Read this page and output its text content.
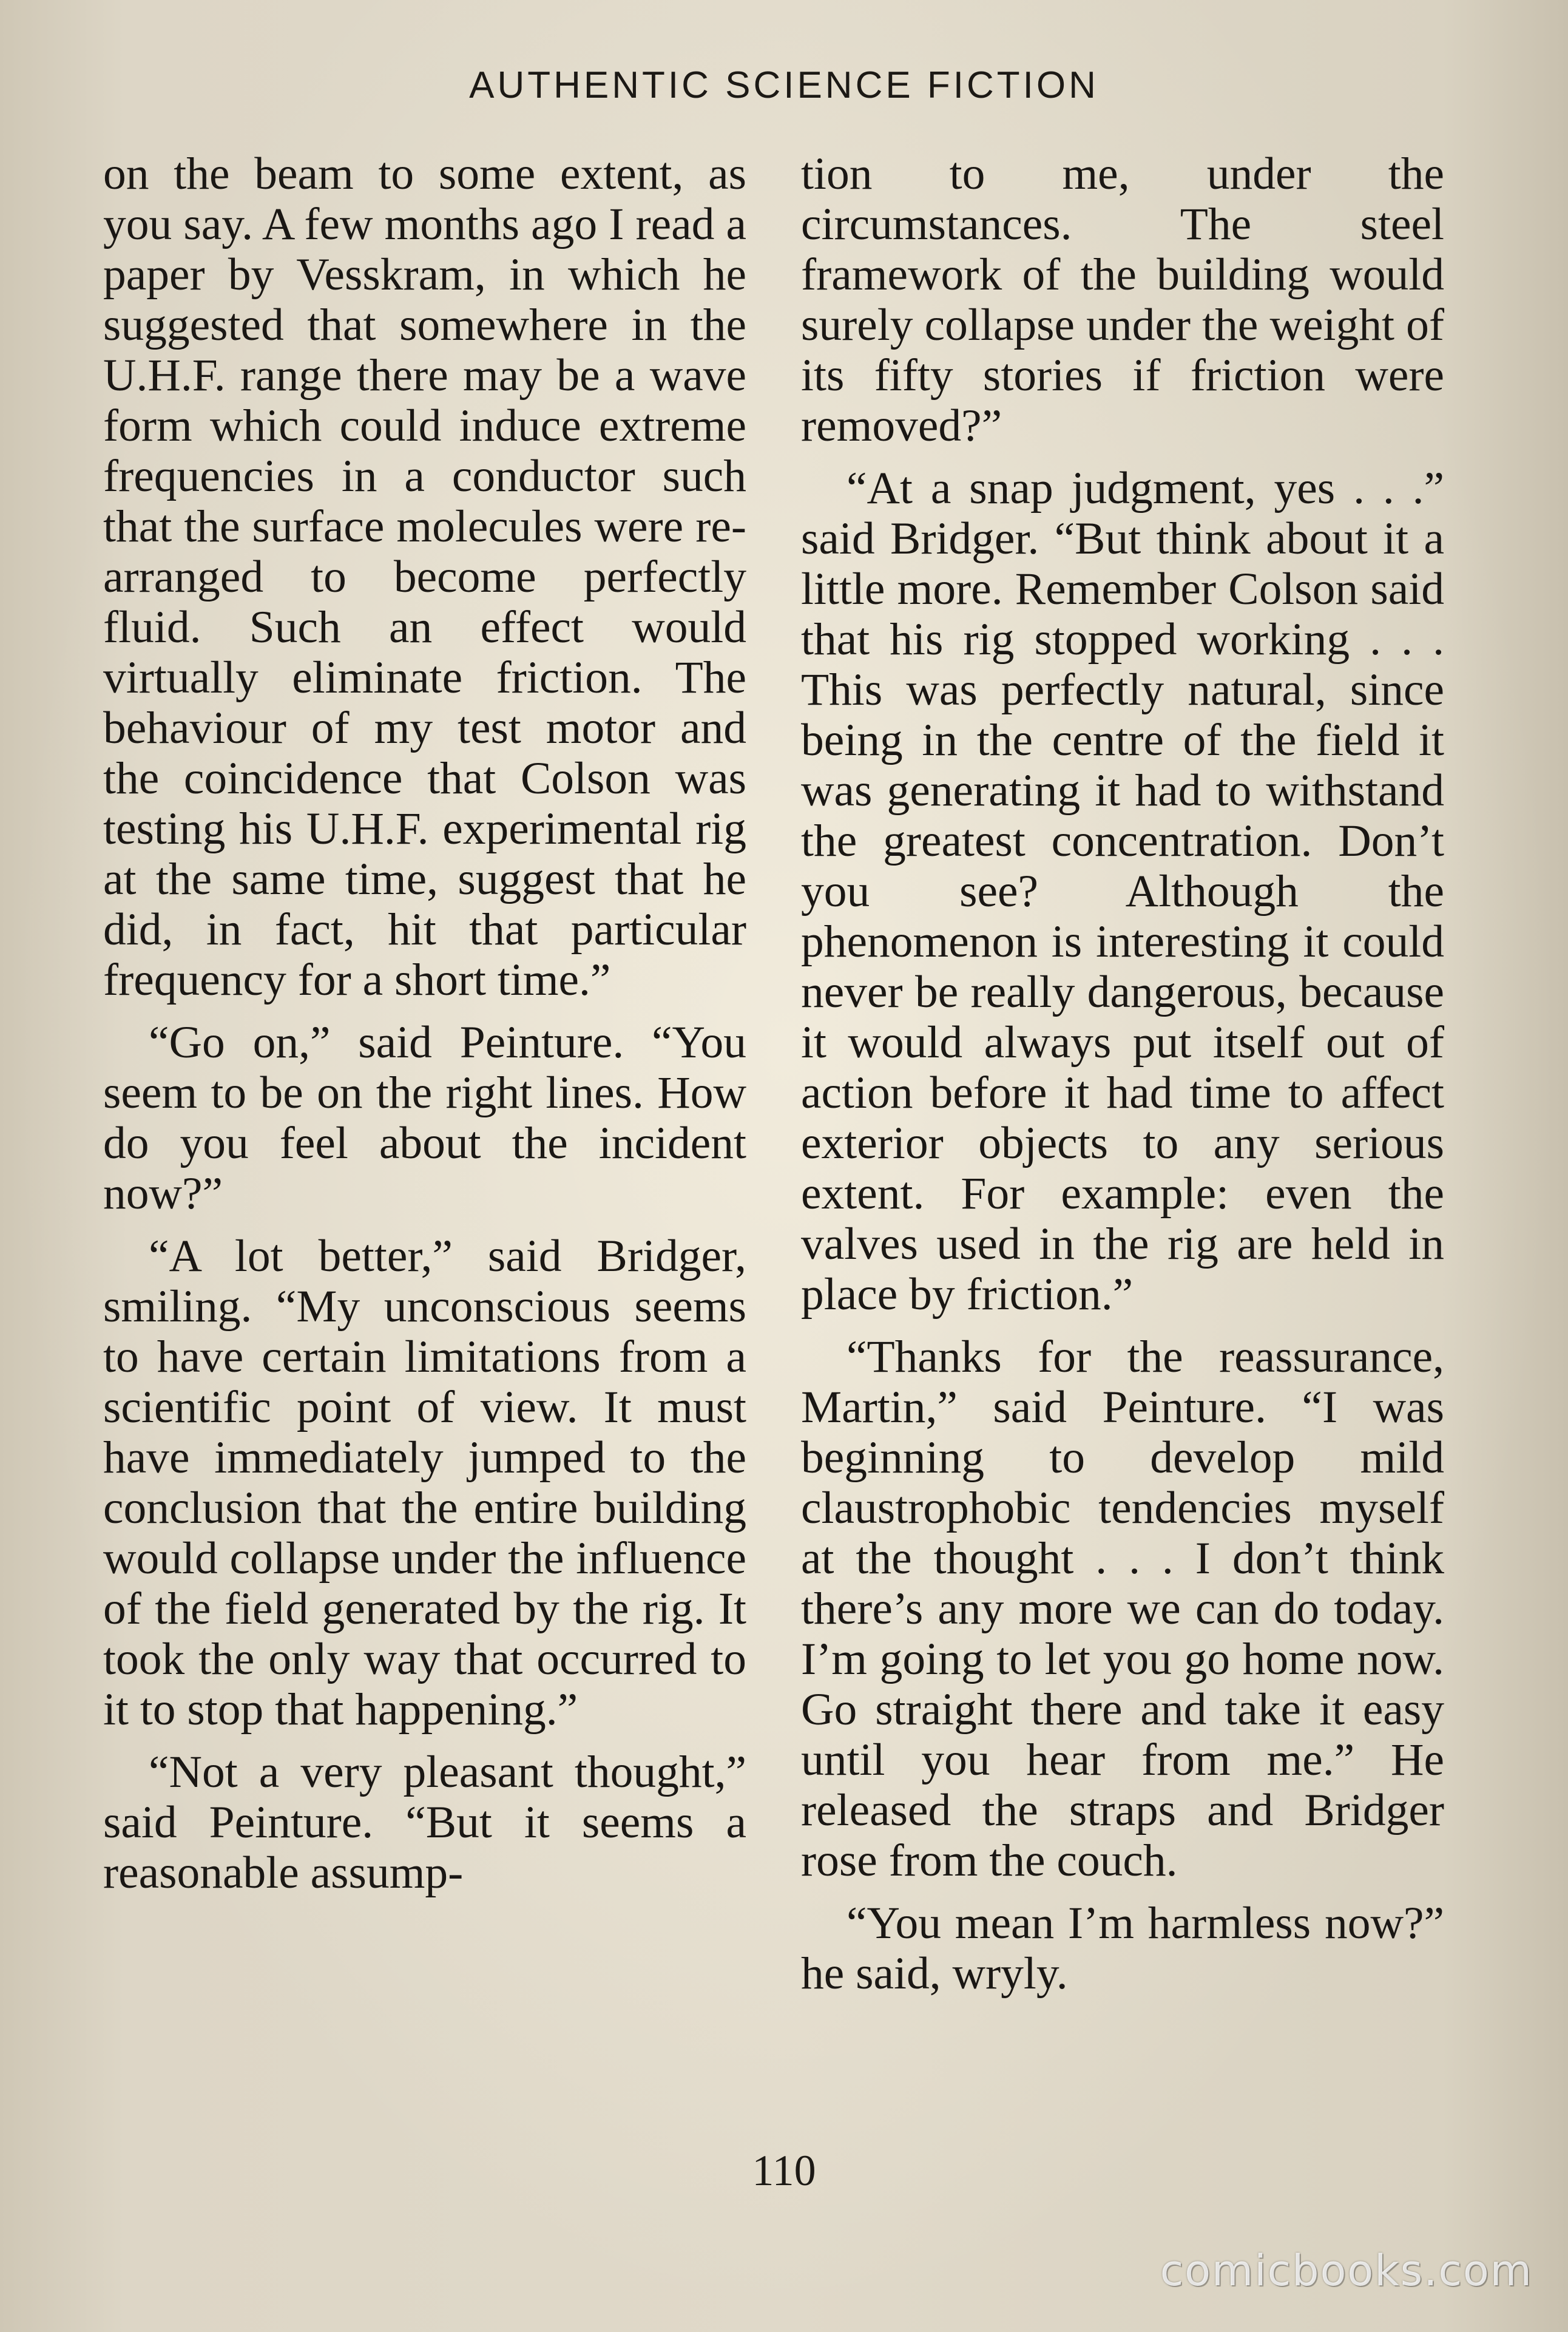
AUTHENTIC SCIENCE FICTION

on the beam to some extent, as you say. A few months ago I read a paper by Vesskram, in which he suggested that somewhere in the U.H.F. range there may be a wave form which could induce extreme frequencies in a conductor such that the surface molecules were re-arranged to become perfectly fluid. Such an effect would virtually eliminate friction. The behaviour of my test motor and the coincidence that Colson was testing his U.H.F. experimental rig at the same time, suggest that he did, in fact, hit that particular frequency for a short time.”

“Go on,” said Peinture. “You seem to be on the right lines. How do you feel about the incident now?”

“A lot better,” said Bridger, smiling. “My unconscious seems to have certain limitations from a scientific point of view. It must have immediately jumped to the conclusion that the entire building would collapse under the influence of the field generated by the rig. It took the only way that occurred to it to stop that happening.”

“Not a very pleasant thought,” said Peinture. “But it seems a reasonable assump-

tion to me, under the circumstances. The steel framework of the building would surely collapse under the weight of its fifty stories if friction were removed?”

“At a snap judgment, yes . . .” said Bridger. “But think about it a little more. Remember Colson said that his rig stopped working . . . This was perfectly natural, since being in the centre of the field it was generating it had to withstand the greatest concentration. Don’t you see? Although the phenomenon is interesting it could never be really dangerous, because it would always put itself out of action before it had time to affect exterior objects to any serious extent. For example: even the valves used in the rig are held in place by friction.”

“Thanks for the reassurance, Martin,” said Peinture. “I was beginning to develop mild claustrophobic tendencies myself at the thought . . . I don’t think there’s any more we can do today. I’m going to let you go home now. Go straight there and take it easy until you hear from me.” He released the straps and Bridger rose from the couch.

“You mean I’m harmless now?” he said, wryly.

110
comicbooks.com
